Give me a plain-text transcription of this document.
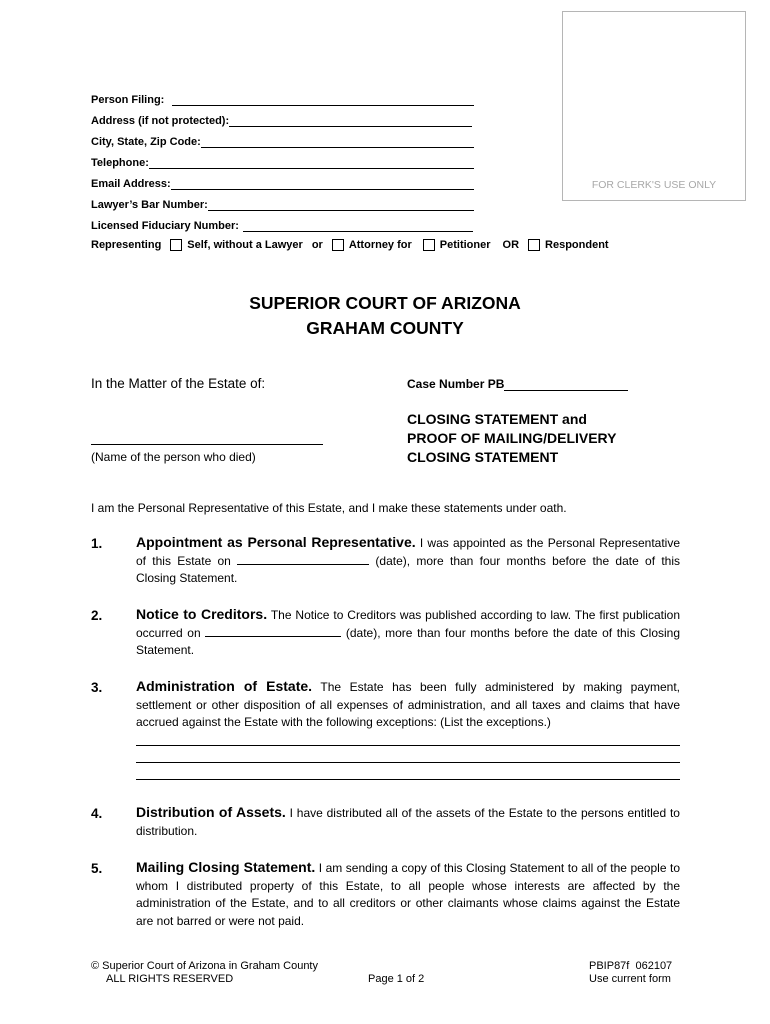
FOR CLERK'S USE ONLY
Person Filing:
Address (if not protected):
City, State, Zip Code:
Telephone:
Email Address:
Lawyer’s Bar Number:
Licensed Fiduciary Number:
Representing Self, without a Lawyer or Attorney for	Petitioner OR Respondent
SUPERIOR COURT OF ARIZONA
GRAHAM COUNTY
In the Matter of the Estate of:	Case Number PB
CLOSING STATEMENT and
PROOF OF MAILING/DELIVERY
CLOSING STATEMENT
(Name of the person who died)
I am the Personal Representative of this Estate, and I make these statements under oath.
1. Appointment as Personal Representative. I was appointed as the Personal Representative of this Estate on	(date), more than four months before the date of this Closing Statement.
2. Notice to Creditors. The Notice to Creditors was published according to law. The first publication occurred on	(date), more than four months before the date of this Closing Statement.
3. Administration of Estate. The Estate has been fully administered by making payment, settlement or other disposition of all expenses of administration, and all taxes and claims that have accrued against the Estate with the following exceptions: (List the exceptions.)
4. Distribution of Assets. I have distributed all of the assets of the Estate to the persons entitled to distribution.
5. Mailing Closing Statement. I am sending a copy of this Closing Statement to all of the people to whom I distributed property of this Estate, to all people whose interests are affected by the administration of the Estate, and to all creditors or other claimants whose claims against the Estate are not barred or were not paid.
© Superior Court of Arizona in Graham County
ALL RIGHTS RESERVED	Page 1 of 2
PBIP87f  062107
Use current form
